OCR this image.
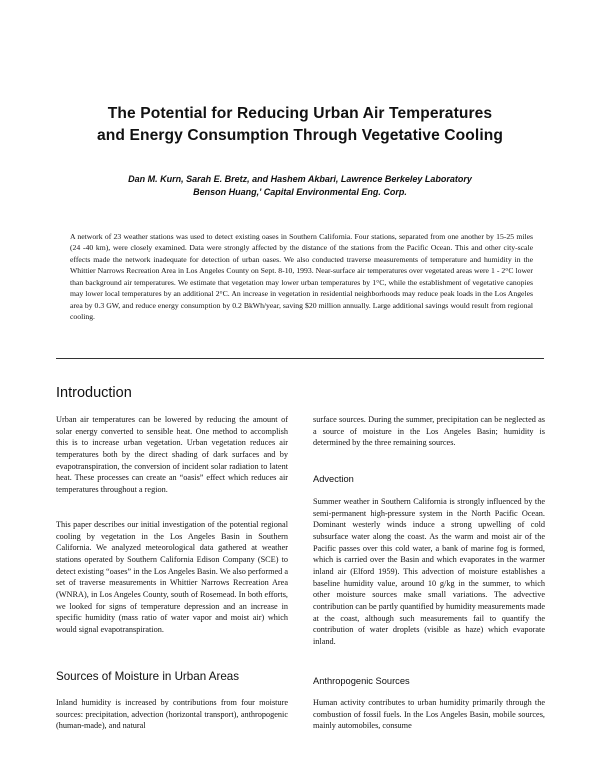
The Potential for Reducing Urban Air Temperatures
and Energy Consumption Through Vegetative Cooling
Dan M. Kurn, Sarah E. Bretz, and Hashem Akbari, Lawrence Berkeley Laboratory
Benson Huang,' Capital Environmental Eng. Corp.
A network of 23 weather stations was used to detect existing oases in Southern California. Four stations, separated from one another by 15-25 miles (24 -40 km), were closely examined. Data were strongly affected by the distance of the stations from the Pacific Ocean. This and other city-scale effects made the network inadequate for detection of urban oases. We also conducted traverse measurements of temperature and humidity in the Whittier Narrows Recreation Area in Los Angeles County on Sept. 8-10, 1993. Near-surface air temperatures over vegetated areas were 1 - 2°C lower than background air temperatures. We estimate that vegetation may lower urban temperatures by 1°C, while the establishment of vegetative canopies may lower local temperatures by an additional 2°C. An increase in vegetation in residential neighborhoods may reduce peak loads in the Los Angeles area by 0.3 GW, and reduce energy consumption by 0.2 BkWh/year, saving $20 million annually. Large additional savings would result from regional cooling.
Introduction
Urban air temperatures can be lowered by reducing the amount of solar energy converted to sensible heat. One method to accomplish this is to increase urban vegetation. Urban vegetation reduces air temperatures both by the direct shading of dark surfaces and by evapotranspiration, the conversion of incident solar radiation to latent heat. These processes can create an “oasis” effect which reduces air temperatures throughout a region.
This paper describes our initial investigation of the potential regional cooling by vegetation in the Los Angeles Basin in Southern California. We analyzed meteorological data gathered at weather stations operated by Southern California Edison Company (SCE) to detect existing “oases” in the Los Angeles Basin. We also performed a set of traverse measurements in Whittier Narrows Recreation Area (WNRA), in Los Angeles County, south of Rosemead. In both efforts, we looked for signs of temperature depression and an increase in specific humidity (mass ratio of water vapor and moist air) which would signal evapotranspiration.
Sources of Moisture in Urban Areas
Inland humidity is increased by contributions from four moisture sources: precipitation, advection (horizontal transport), anthropogenic (human-made), and natural
surface sources. During the summer, precipitation can be neglected as a source of moisture in the Los Angeles Basin; humidity is determined by the three remaining sources.
Advection
Summer weather in Southern California is strongly influenced by the semi-permanent high-pressure system in the North Pacific Ocean. Dominant westerly winds induce a strong upwelling of cold subsurface water along the coast. As the warm and moist air of the Pacific passes over this cold water, a bank of marine fog is formed, which is carried over the Basin and which evaporates in the warmer inland air (Elford 1959). This advection of moisture establishes a baseline humidity value, around 10 g/kg in the summer, to which other moisture sources make small variations. The advective contribution can be partly quantified by humidity measurements made at the coast, although such measurements fail to quantify the contribution of water droplets (visible as haze) which evaporate inland.
Anthropogenic Sources
Human activity contributes to urban humidity primarily through the combustion of fossil fuels. In the Los Angeles Basin, mobile sources, mainly automobiles, consume
